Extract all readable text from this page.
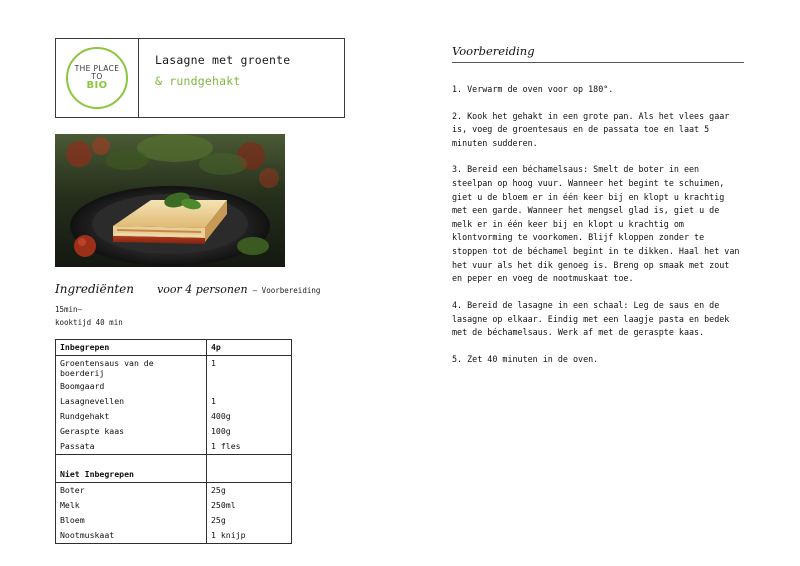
THE PLACE
TO
BIO
Lasagne met groente
& rundgehakt
Ingrediënten voor 4 personen – Voorbereiding 15min–
kooktijd 40 min
Inbegrepen	4p
Groentensaus van de boerderij	1
Boomgaard	
Lasagnevellen	1
Rundgehakt	400g
Geraspte kaas	100g
Passata	1 fles

Niet Inbegrepen	
Boter	25g
Melk	250ml
Bloem	25g
Nootmuskaat	1 knijp
Voorbereiding
1. Verwarm de oven voor op 180°.
2. Kook het gehakt in een grote pan. Als het vlees gaar is, voeg de groentesaus en de passata toe en laat 5 minuten sudderen.
3. Bereid een béchamelsaus: Smelt de boter in een steelpan op hoog vuur. Wanneer het begint te schuimen, giet u de bloem er in één keer bij en klopt u krachtig met een garde. Wanneer het mengsel glad is, giet u de melk er in één keer bij en klopt u krachtig om klontvorming te voorkomen. Blijf kloppen zonder te stoppen tot de béchamel begint in te dikken. Haal het van het vuur als het dik genoeg is. Breng op smaak met zout en peper en voeg de nootmuskaat toe.
4. Bereid de lasagne in een schaal: Leg de saus en de lasagne op elkaar. Eindig met een laagje pasta en bedek met de béchamelsaus. Werk af met de geraspte kaas.
5. Zet 40 minuten in de oven.
